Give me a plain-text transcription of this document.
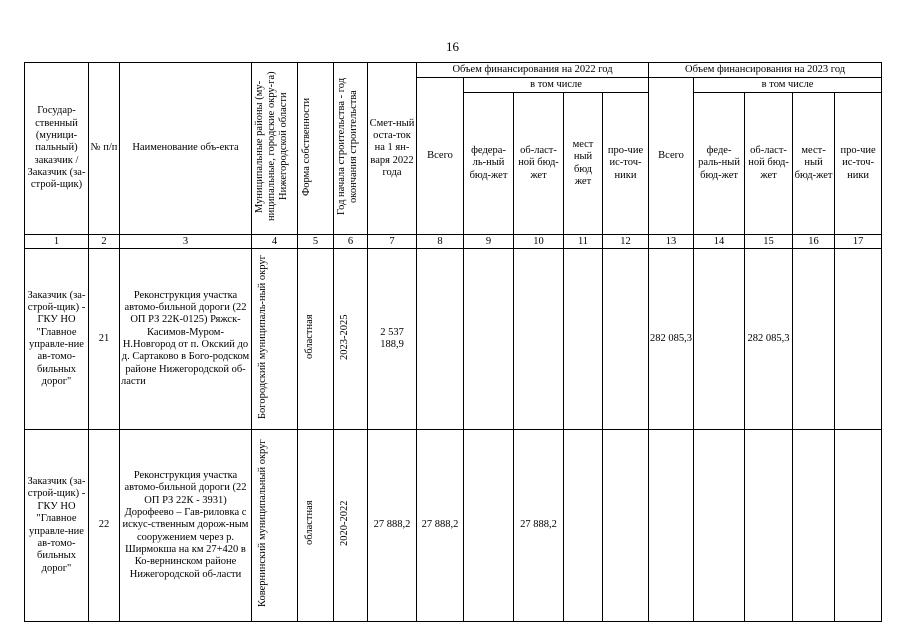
16
Государ-ственный (муници-пальный) заказчик / Заказчик (за-строй-щик)	№ п/п	Наименование объ-екта	Муниципальные районы (му-ниципальные, городские окру-га) Нижегородской области	Форма собственности	Год начала строительства - год окончания строительства	Смет-ный оста-ток на 1 ян-варя 2022 года	Объем финансирования на 2022 год					Объем финансирования на 2023 год				
							Всего	в том числе				Всего	в том числе			
								федера-ль-ный бюд-жет	об-ласт-ной бюд-жет	мест ный бюд жет	про-чие ис-точ-ники		феде-раль-ный бюд-жет	об-ласт-ной бюд-жет	мест-ный бюд-жет	про-чие ис-точ-ники
1	2	3	4	5	6	7	8	9	10	11	12	13	14	15	16	17
Заказчик (за-строй-щик) - ГКУ НО "Главное управле-ние ав-томо-бильных дорог"	21	Реконструкция участка автомо-бильной дороги (22 ОП РЗ 22К-0125) Ряжск-Касимов-Муром-Н.Новгород от п. Окский до д. Сартаково в Бого-родском районе Нижегородской об-ласти	Богородский муниципаль-ный округ	областная	2023-2025	2 537 188,9						282 085,3		282 085,3		
Заказчик (за-строй-щик) - ГКУ НО "Главное управле-ние ав-томо-бильных дорог"	22	Реконструкция участка автомо-бильной дороги (22 ОП РЗ 22К - 3931) Дорофеево – Гав-риловка с искус-ственным дорож-ным сооружением через р. Ширмокша на км 27+420 в Ко-вернинском районе Нижегородской об-ласти	Ковернинский муниципальный округ	областная	2020-2022	27 888,2	27 888,2		27 888,2							
